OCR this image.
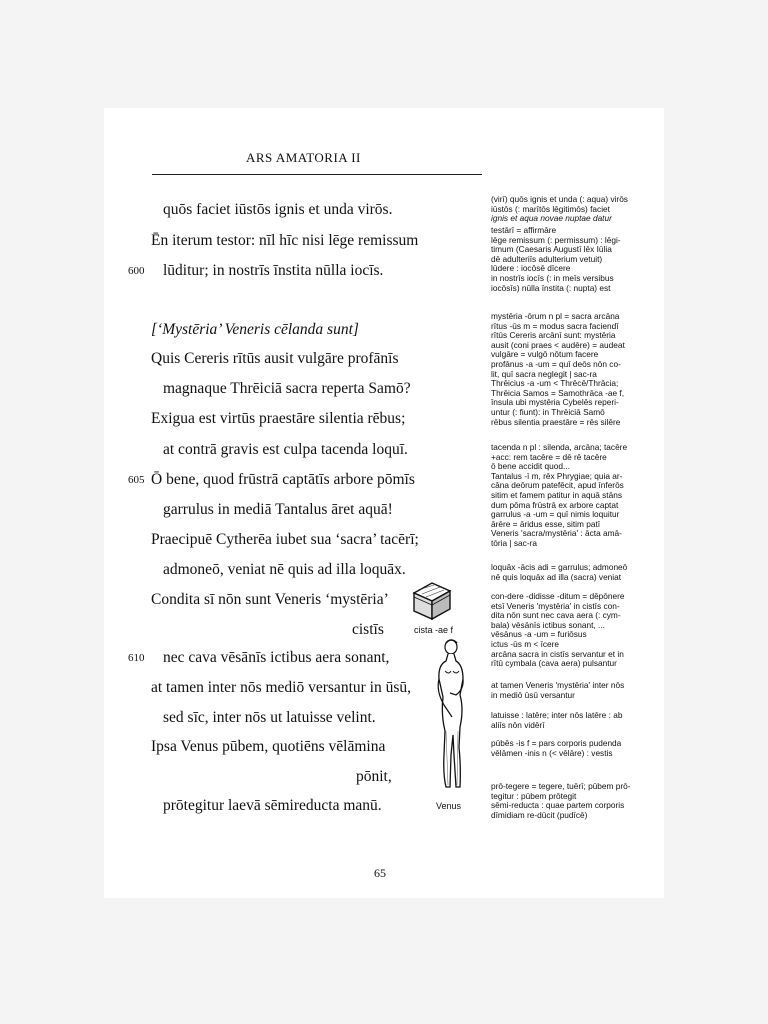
ARS AMATORIA II
quōs faciet iūstōs ignis et unda virōs.
Ēn iterum testor: nīl hīc nisi lēge remissum
600 lūditur; in nostrīs īnstita nūlla iocīs.
[‘Mystēria’ Veneris cēlanda sunt]
Quis Cereris rītūs ausit vulgāre profānīs
magnaque Thrēiciā sacra reperta Samō?
Exigua est virtūs praestāre silentia rēbus;
at contrā gravis est culpa tacenda loquī.
605 Ō bene, quod frūstrā captātīs arbore pōmīs
garrulus in mediā Tantalus āret aquā!
Praecipuē Cytherēa iubet sua ‘sacra’ tacērī;
admoneō, veniat nē quis ad illa loquāx.
Condita sī nōn sunt Veneris ‘mystēria’
cistīs
610 nec cava vēsānīs ictibus aera sonant,
at tamen inter nōs mediō versantur in ūsū,
sed sīc, inter nōs ut latuisse velint.
Ipsa Venus pūbem, quotiēns vēlāmina
pōnit,
prōtegitur laevā sēmireducta manū.
cista -ae f
Venus
(virī) quōs ignis et unda (: aqua) virōs
iūstōs (: marītōs lēgitimōs) faciet
ignis et aqua novae nuptae datur
testārī = affirmāre
lēge remissum (: permissum) : lēgi-
timum (Caesaris Augustī lēx Iūlia
dē adulteriīs adulterium vetuit)
lūdere : iocōsē dīcere
in nostrīs iocīs (: in meīs versibus
iocōsīs) nūlla īnstita (: nupta) est
mystēria -ōrum n pl = sacra arcāna
rītus -ūs m = modus sacra faciendī
rītūs Cereris arcānī sunt: mystēria
ausit (coni praes < audēre) = audeat
vulgāre = vulgō nōtum facere
profānus -a -um = quī deōs nōn co-
lit, quī sacra neglegit | sac-ra
Thrēicius -a -um < Thrēcē/Thrācia;
Thrēicia Samos = Samothrāca -ae f,
īnsula ubi mystēria Cybelēs reperi-
untur (: fiunt): in Thrēiciā Samō
rēbus silentia praestāre = rēs silēre
tacenda n pl : silenda, arcāna; tacēre
+acc: rem tacēre = dē rē tacēre
ō bene accidit quod...
Tantalus -ī m, rēx Phrygiae; quia ar-
cāna deōrum patefēcit, apud īnferōs
sitim et famem patitur in aquā stāns
dum pōma frūstrā ex arbore captat
garrulus -a -um = quī nimis loquitur
ārēre = āridus esse, sitim patī
Veneris 'sacra/mystēria' : ācta amā-
tōria | sac-ra
loquāx -ācis adi = garrulus; admoneō
nē quis loquāx ad illa (sacra) veniat
con-dere -didisse -ditum = dēpōnere
etsī Veneris 'mystēria' in cistīs con-
dita nōn sunt nec cava aera (: cym-
bala) vēsānīs ictibus sonant, ...
vēsānus -a -um = furiōsus
ictus -ūs m < īcere
arcāna sacra in cistīs servantur et in
rītū cymbala (cava aera) pulsantur
at tamen Veneris 'mystēria' inter nōs
in mediō ūsū versantur
latuisse : latēre; inter nōs latēre : ab
aliīs nōn vidērī
pūbēs -is f = pars corporis pudenda
vēlāmen -inis n (< vēlāre) : vestis
prō-tegere = tegere, tuērī; pūbem prō-
tegitur : pūbem prōtegit
sēmi-reducta : quae partem corporis
dīmidiam re-dūcit (pudīcē)
65
